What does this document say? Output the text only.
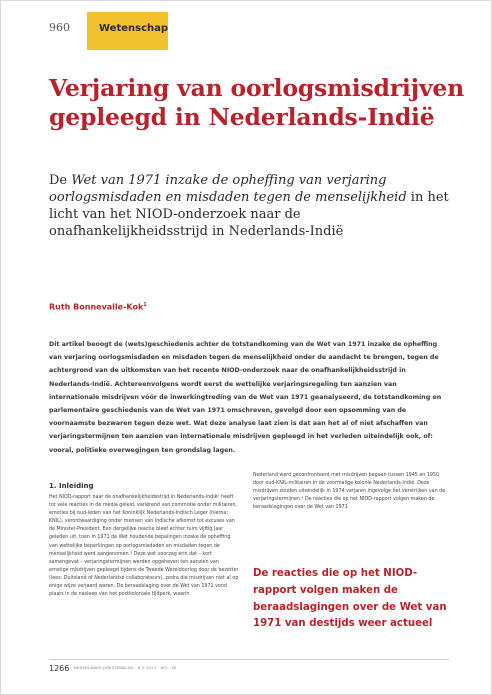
960	Wetenschap
Verjaring van oorlogsmisdrijven gepleegd in Nederlands-Indië

De Wet van 1971 inzake de opheffing van verjaring oorlogsmisdaden en misdaden tegen de menselijkheid in het licht van het NIOD-onderzoek naar de onafhankelijkheidsstrijd in Nederlands-Indië

Ruth Bonnevalle-Kok$^1$

Dit artikel beoogt de (wets)geschiedenis achter de totstandkoming van de Wet van 1971 inzake de opheffing van verjaring oorlogsmisdaden en misdaden tegen de menselijkheid onder de aandacht te brengen, tegen de achtergrond van de uitkomsten van het recente NIOD-onderzoek naar de onafhankelijkheidsstrijd in Nederlands-Indië. Achtereenvolgens wordt eerst de wettelijke verjaringsregeling ten aanzien van internationale misdrijven vóór de inwerkingtreding van de Wet van 1971 geanalyseerd, de totstandkoming en parlementaire geschiedenis van de Wet van 1971 omschreven, gevolgd door een opsomming van de voornaamste bezwaren tegen deze wet. Wat deze analyse laat zien is dat aan het al of niet afschaffen van verjaringstermijnen ten aanzien van internationale misdrijven gepleegd in het verleden uiteindelijk ook, of: vooral, politieke overwegingen ten grondslag lagen.

1. Inleiding

Het NIOD-rapport naar de onafhankelijkheidsstrijd in Nederlands-Indië² heeft tot vele reacties in de media geleid, variërend van commotie onder militairen, emoties bij oud-leden van het Koninklijk Nederlands-Indisch Leger (hierna: KNIL), verontwaardiging onder mensen van Indische afkomst tot excuses van de Minister-President. Een dergelijke reactie bleef echter ruim vijftig jaar geleden uit, toen in 1971 de Wet houdende bepalingen inzake de opheffing van wettelijke beperkingen op oorlogsmisdaden en misdaden tegen de menselijkheid werd aangenomen.³ Deze wet voorzag erin dat – kort samengevat – verjaringstermijnen werden opgeheven ten aanzien van ernstige misdrijven gepleegd tijdens de Tweede Wereldoorlog door de bezetter (lees: Duitsland of Nederlandse collaborateurs), zodra die misdrijven niet al op enige wijze verjaard waren. De beraadslaging over de Wet van 1971 vond plaats in de nasleep van het postkoloniale tijdperk, waarin

Nederland werd geconfronteerd met misdrijven begaan tussen 1945 en 1950 door oud-KNIL-militairen in de voormalige kolonie Nederlands-Indië. Deze misdrijven zouden uiteindelijk in 1974 verjaren ingevolge het verstrijken van de verjaringstermijnen.⁴ De reacties die op het NIOD-rapport volgen maken de beraadslagingen over de Wet van 1971

De reacties die op het NIOD-rapport volgen maken de beraadslagingen over de Wet van 1971 van destijds weer actueel

1266 NEDERLANDS JURISTENBLAD · 8-5-2023 · AFL. 18
